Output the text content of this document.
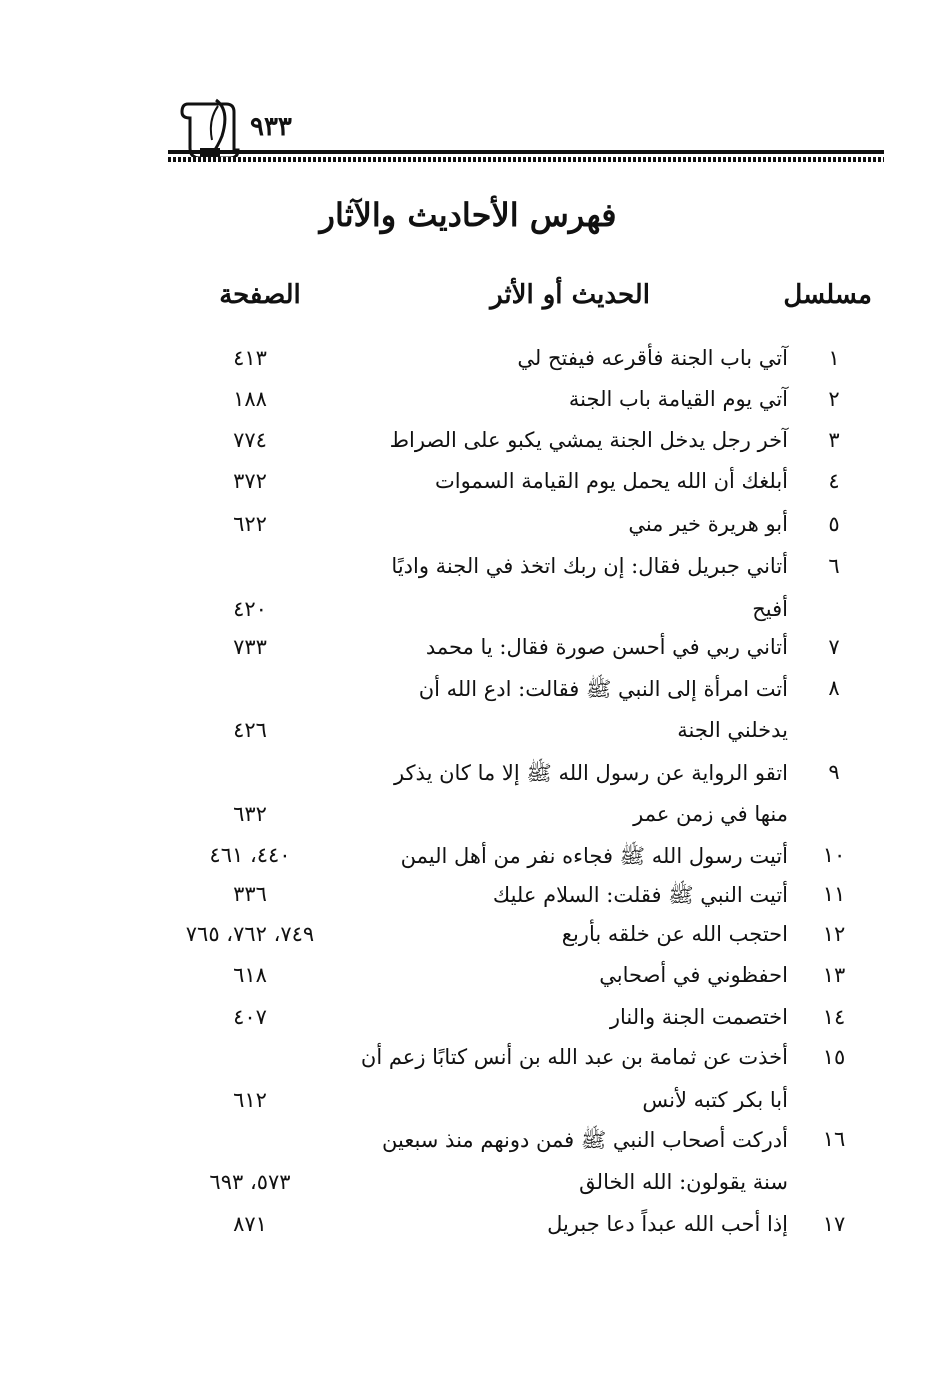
٩٣٣
فهرس الأحاديث والآثار
مسلسل
الحديث أو الأثر
الصفحة
١
آتي باب الجنة فأقرعه فيفتح لي
٤١٣
٢
آتي يوم القيامة باب الجنة
١٨٨
٣
آخر رجل يدخل الجنة يمشي يكبو على الصراط
٧٧٤
٤
أبلغك أن الله يحمل يوم القيامة السموات
٣٧٢
٥
أبو هريرة خير مني
٦٢٢
٦
أتاني جبريل فقال: إن ربك اتخذ في الجنة واديًا
أفيح
٤٢٠
٧
أتاني ربي في أحسن صورة فقال: يا محمد
٧٣٣
٨
أتت امرأة إلى النبي ﷺ فقالت: ادع الله أن
يدخلني الجنة
٤٢٦
٩
اتقو الرواية عن رسول الله ﷺ إلا ما كان يذكر
منها في زمن عمر
٦٣٢
١٠
أتيت رسول الله ﷺ فجاءه نفر من أهل اليمن
٤٤٠، ٤٦١
١١
أتيت النبي ﷺ فقلت: السلام عليك
٣٣٦
١٢
احتجب الله عن خلقه بأربع
٧٤٩، ٧٦٢، ٧٦٥
١٣
احفظوني في أصحابي
٦١٨
١٤
اختصمت الجنة والنار
٤٠٧
١٥
أخذت عن ثمامة بن عبد الله بن أنس كتابًا زعم أن
أبا بكر كتبه لأنس
٦١٢
١٦
أدركت أصحاب النبي ﷺ فمن دونهم منذ سبعين
سنة يقولون: الله الخالق
٥٧٣، ٦٩٣
١٧
إذا أحب الله عبداً دعا جبريل
٨٧١
